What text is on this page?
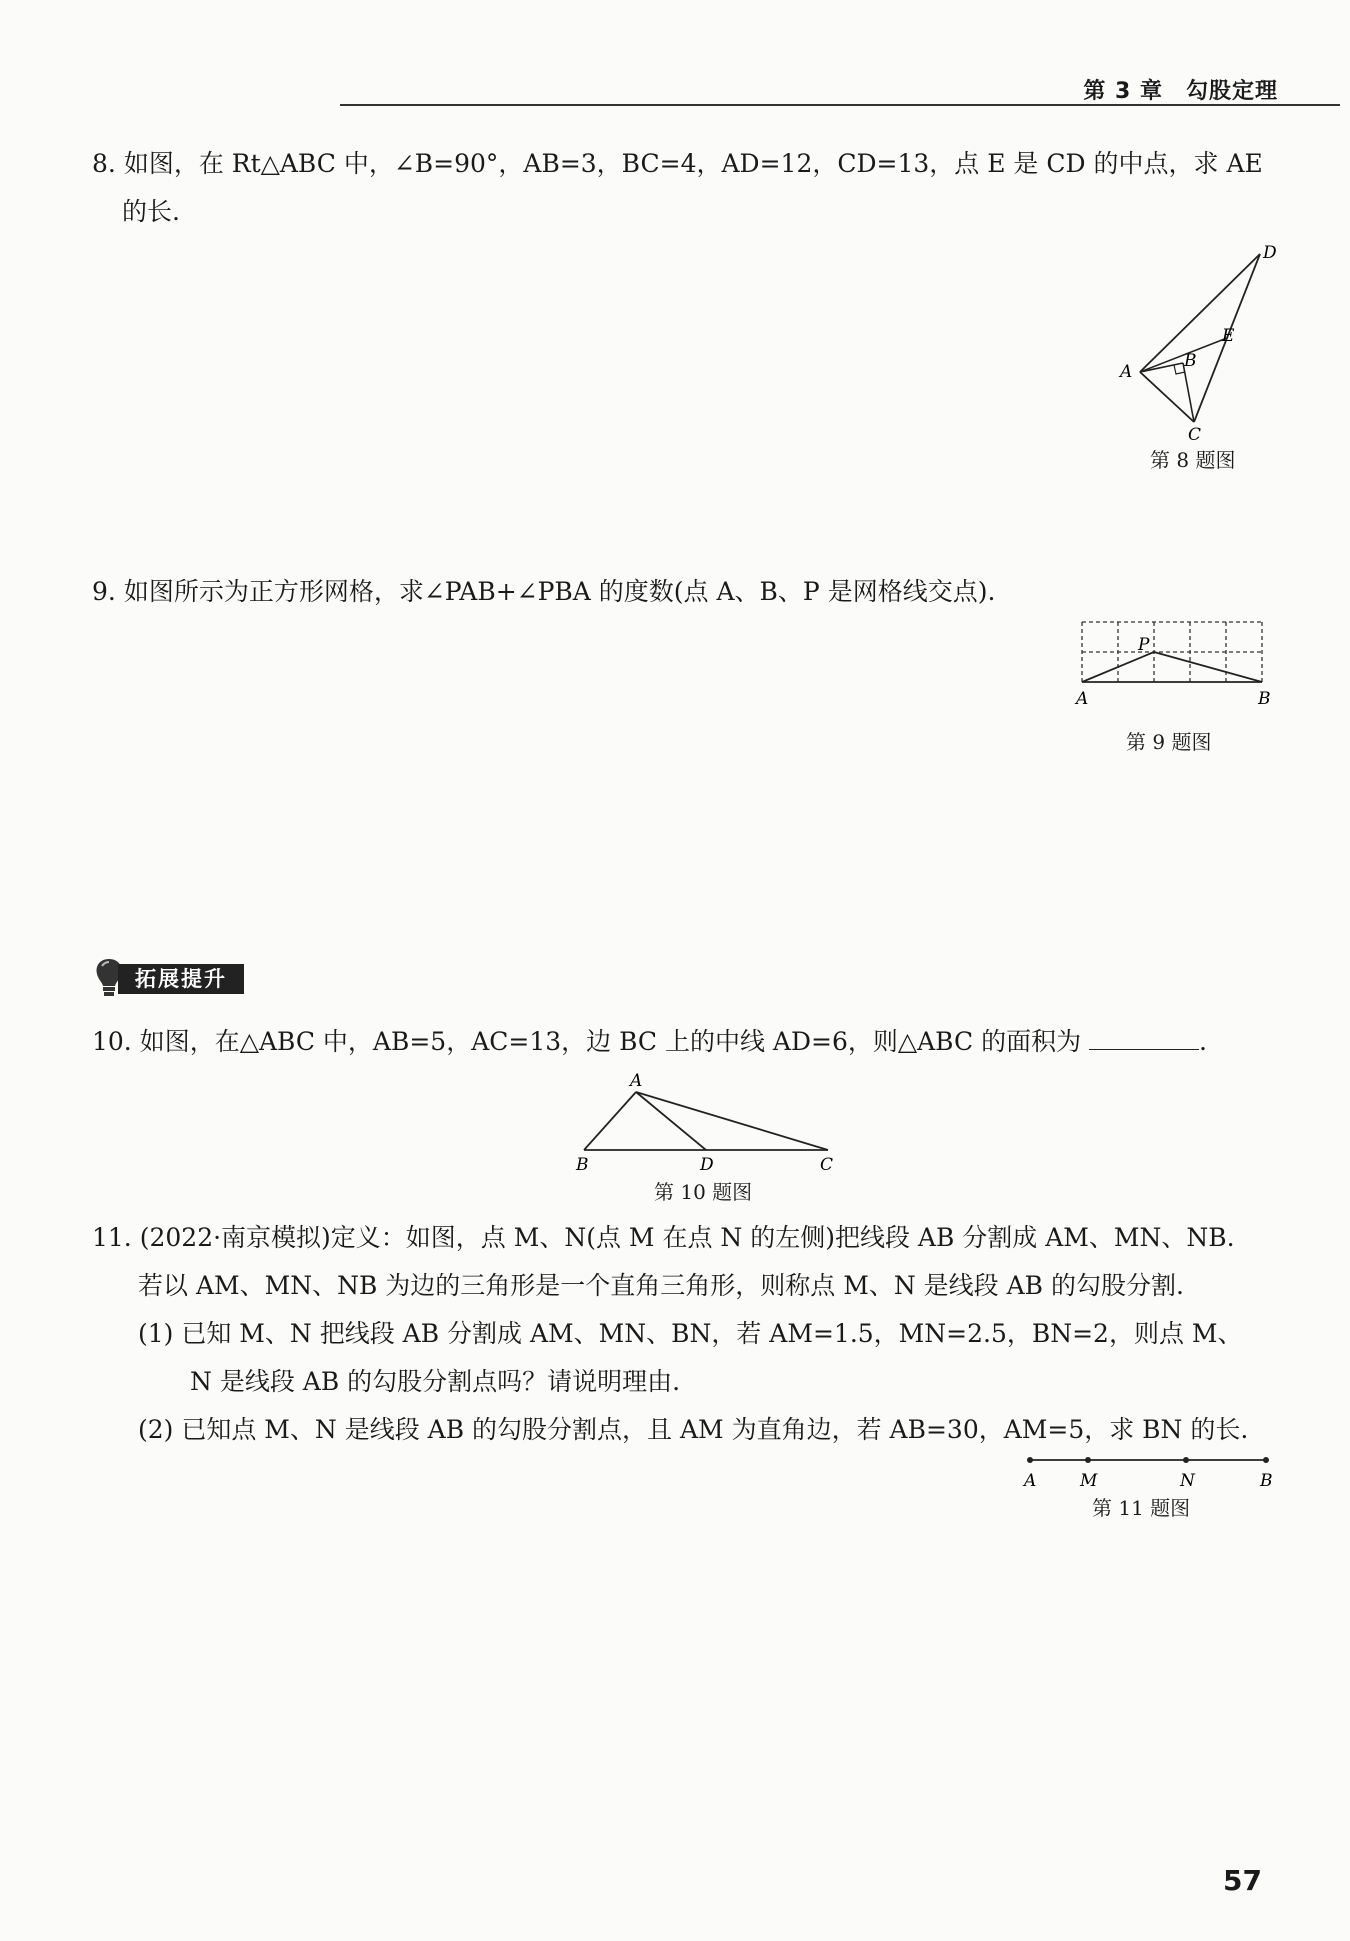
第 3 章　勾股定理
8. 如图，在 Rt△ABC 中，∠B=90°，AB=3，BC=4，AD=12，CD=13，点 E 是 CD 的中点，求 AE
的长.
D
E
A
B
C
第 8 题图
9. 如图所示为正方形网格，求∠PAB+∠PBA 的度数(点 A、B、P 是网格线交点).
P
A	B
第 9 题图
拓展提升
10. 如图，在△ABC 中，AB=5，AC=13，边 BC 上的中线 AD=6，则△ABC 的面积为	.
A
B	D	C
第 10 题图
11. (2022·南京模拟)定义：如图，点 M、N(点 M 在点 N 的左侧)把线段 AB 分割成 AM、MN、NB.
若以 AM、MN、NB 为边的三角形是一个直角三角形，则称点 M、N 是线段 AB 的勾股分割.
(1) 已知 M、N 把线段 AB 分割成 AM、MN、BN，若 AM=1.5，MN=2.5，BN=2，则点 M、
N 是线段 AB 的勾股分割点吗？请说明理由.
(2) 已知点 M、N 是线段 AB 的勾股分割点，且 AM 为直角边，若 AB=30，AM=5，求 BN 的长.
A	M	N	B
第 11 题图
57
